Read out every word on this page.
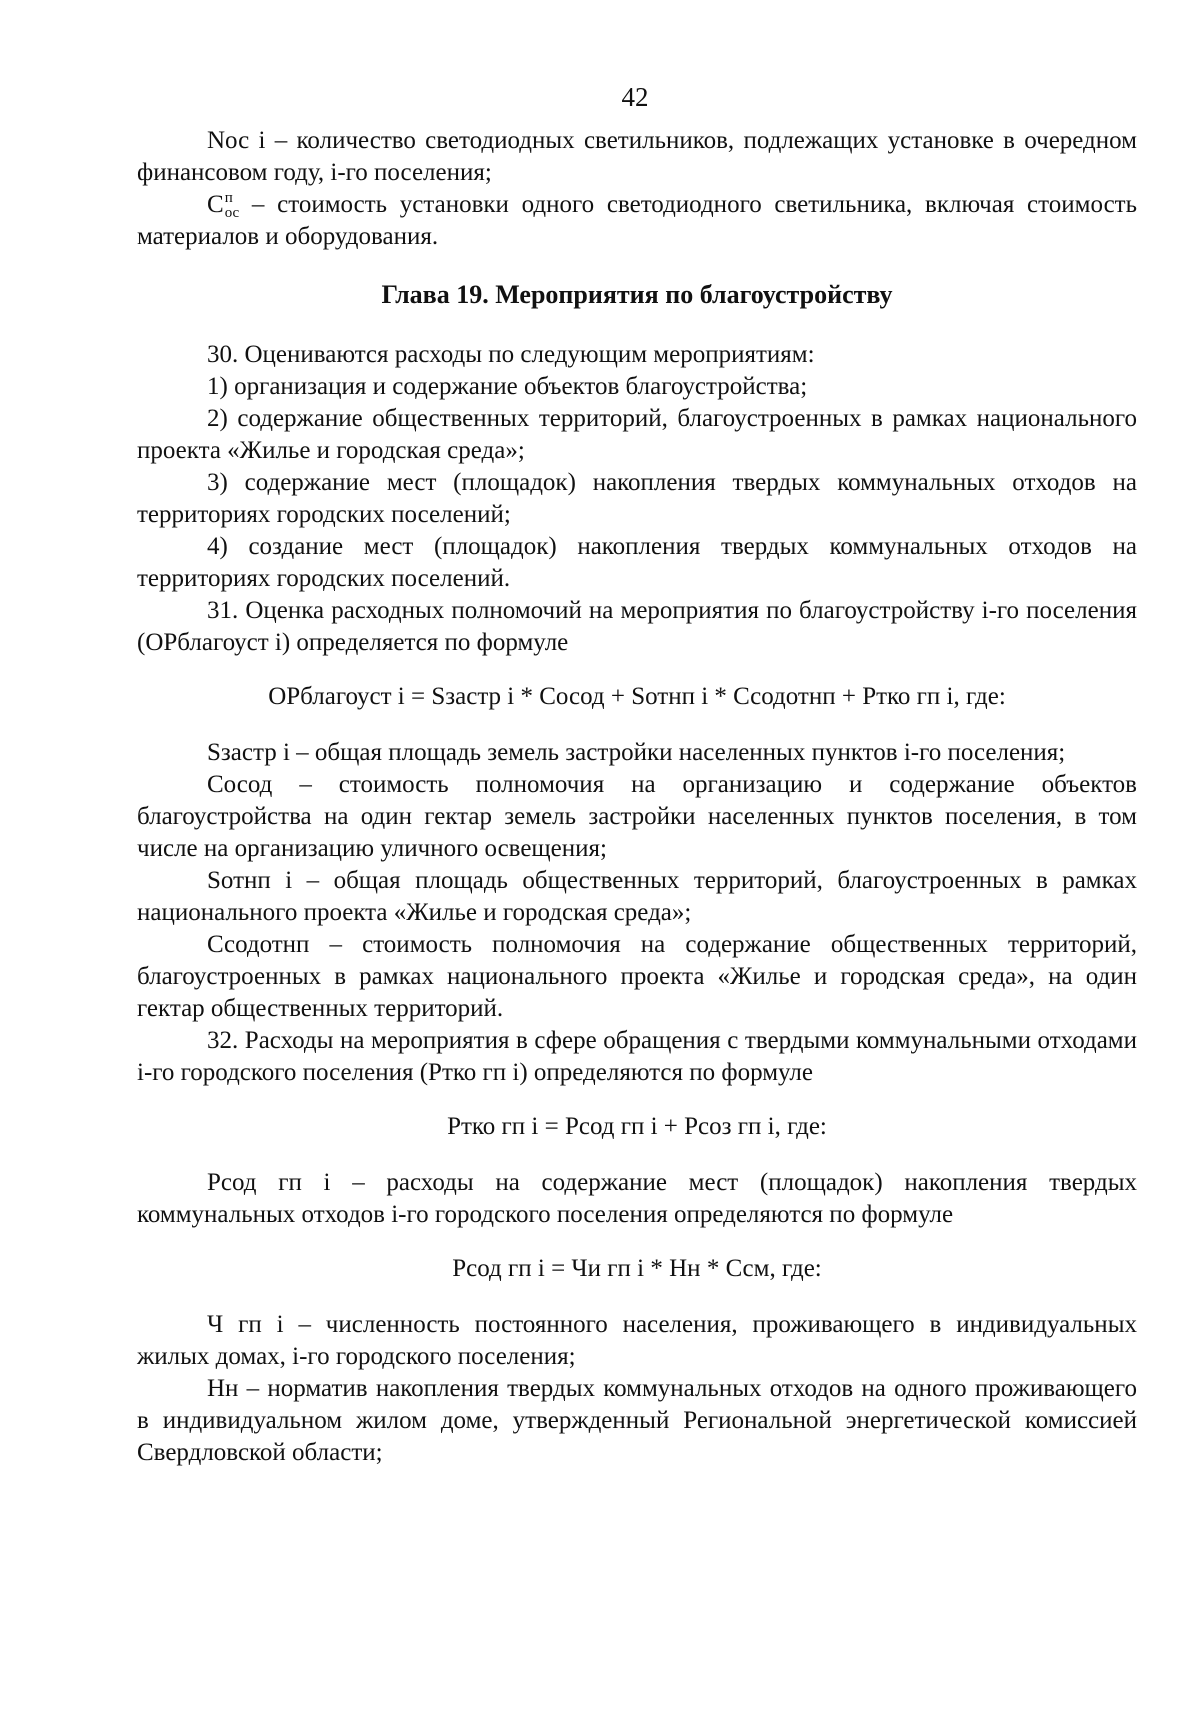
42

Nос i – количество светодиодных светильников, подлежащих установке в очередном финансовом году, i-го поселения;

C п
ос – стоимость установки одного светодиодного светильника, включая стоимость материалов и оборудования.

Глава 19. Мероприятия по благоустройству

30. Оцениваются расходы по следующим мероприятиям:

1) организация и содержание объектов благоустройства;

2) содержание общественных территорий, благоустроенных в рамках национального проекта «Жилье и городская среда»;

3) содержание мест (площадок) накопления твердых коммунальных отходов на территориях городских поселений;

4) создание мест (площадок) накопления твердых коммунальных отходов на территориях городских поселений.

31. Оценка расходных полномочий на мероприятия по благоустройству i-го поселения (ОРблагоуст i) определяется по формуле

ОРблагоуст i = Sзастр i * Сосод + Sотнп i * Ссодотнп + Ртко гп i, где:

Sзастр i – общая площадь земель застройки населенных пунктов i-го поселения;

Сосод – стоимость полномочия на организацию и содержание объектов благоустройства на один гектар земель застройки населенных пунктов поселения, в том числе на организацию уличного освещения;

Sотнп i – общая площадь общественных территорий, благоустроенных в рамках национального проекта «Жилье и городская среда»;

Ссодотнп – стоимость полномочия на содержание общественных территорий, благоустроенных в рамках национального проекта «Жилье и городская среда», на один гектар общественных территорий.

32. Расходы на мероприятия в сфере обращения с твердыми коммунальными отходами i-го городского поселения (Ртко гп i) определяются по формуле

Ртко гп i = Рсод гп i + Рсоз гп i, где:

Рсод гп i – расходы на содержание мест (площадок) накопления твердых коммунальных отходов i-го городского поселения определяются по формуле

Рсод гп i = Чи гп i * Нн * Ссм, где:

Ч гп i – численность постоянного населения, проживающего в индивидуальных жилых домах, i-го городского поселения;

Нн – норматив накопления твердых коммунальных отходов на одного проживающего в индивидуальном жилом доме, утвержденный Региональной энергетической комиссией Свердловской области;
